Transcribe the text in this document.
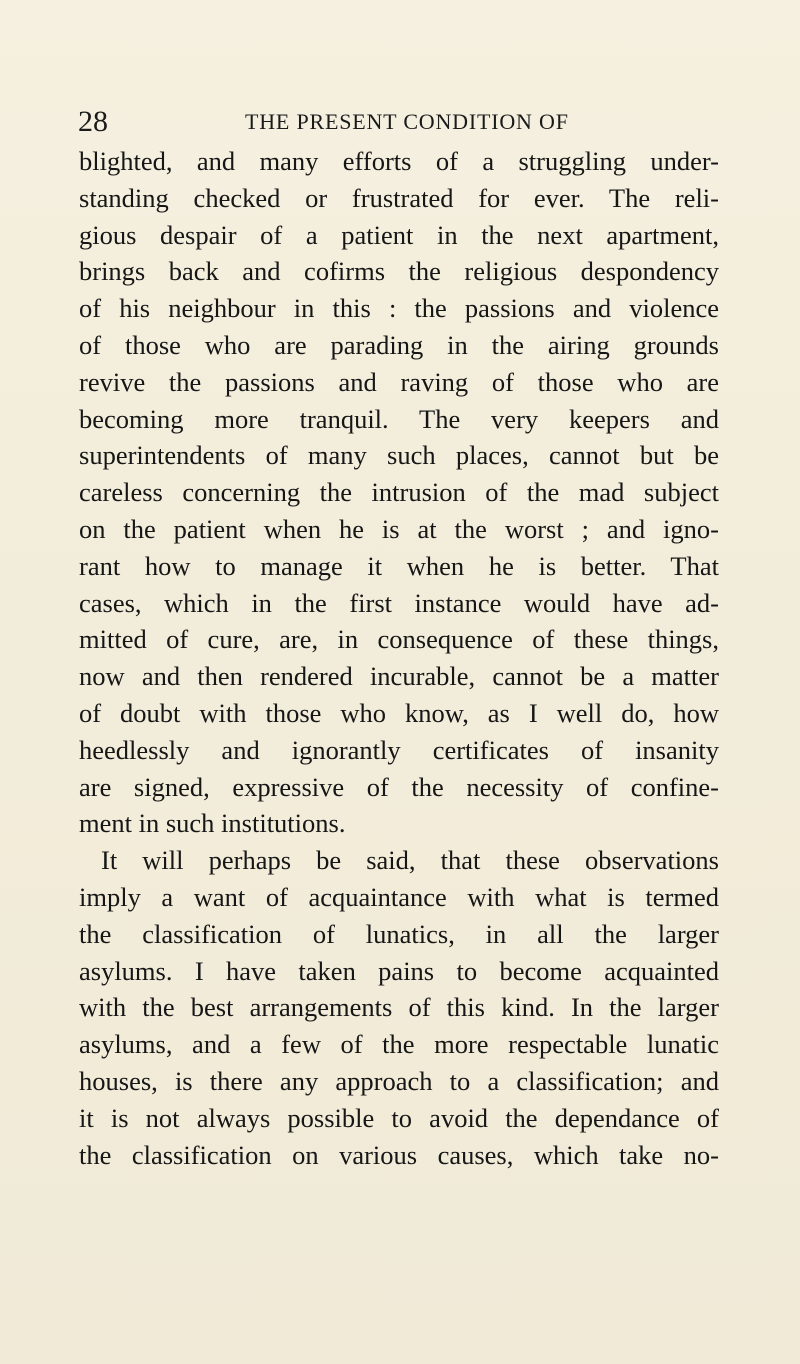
28	THE PRESENT CONDITION OF
blighted, and many efforts of a struggling under-
standing checked or frustrated for ever. The reli-
gious despair of a patient in the next apartment,
brings back and cofirms the religious despondency
of his neighbour in this : the passions and violence
of those who are parading in the airing grounds
revive the passions and raving of those who are
becoming more tranquil. The very keepers and
superintendents of many such places, cannot but be
careless concerning the intrusion of the mad subject
on the patient when he is at the worst ; and igno-
rant how to manage it when he is better. That
cases, which in the first instance would have ad-
mitted of cure, are, in consequence of these things,
now and then rendered incurable, cannot be a matter
of doubt with those who know, as I well do, how
heedlessly and ignorantly certificates of insanity
are signed, expressive of the necessity of confine-
ment in such institutions.
It will perhaps be said, that these observations
imply a want of acquaintance with what is termed
the classification of lunatics, in all the larger
asylums. I have taken pains to become acquainted
with the best arrangements of this kind. In the larger
asylums, and a few of the more respectable lunatic
houses, is there any approach to a classification; and
it is not always possible to avoid the dependance of
the classification on various causes, which take no-
